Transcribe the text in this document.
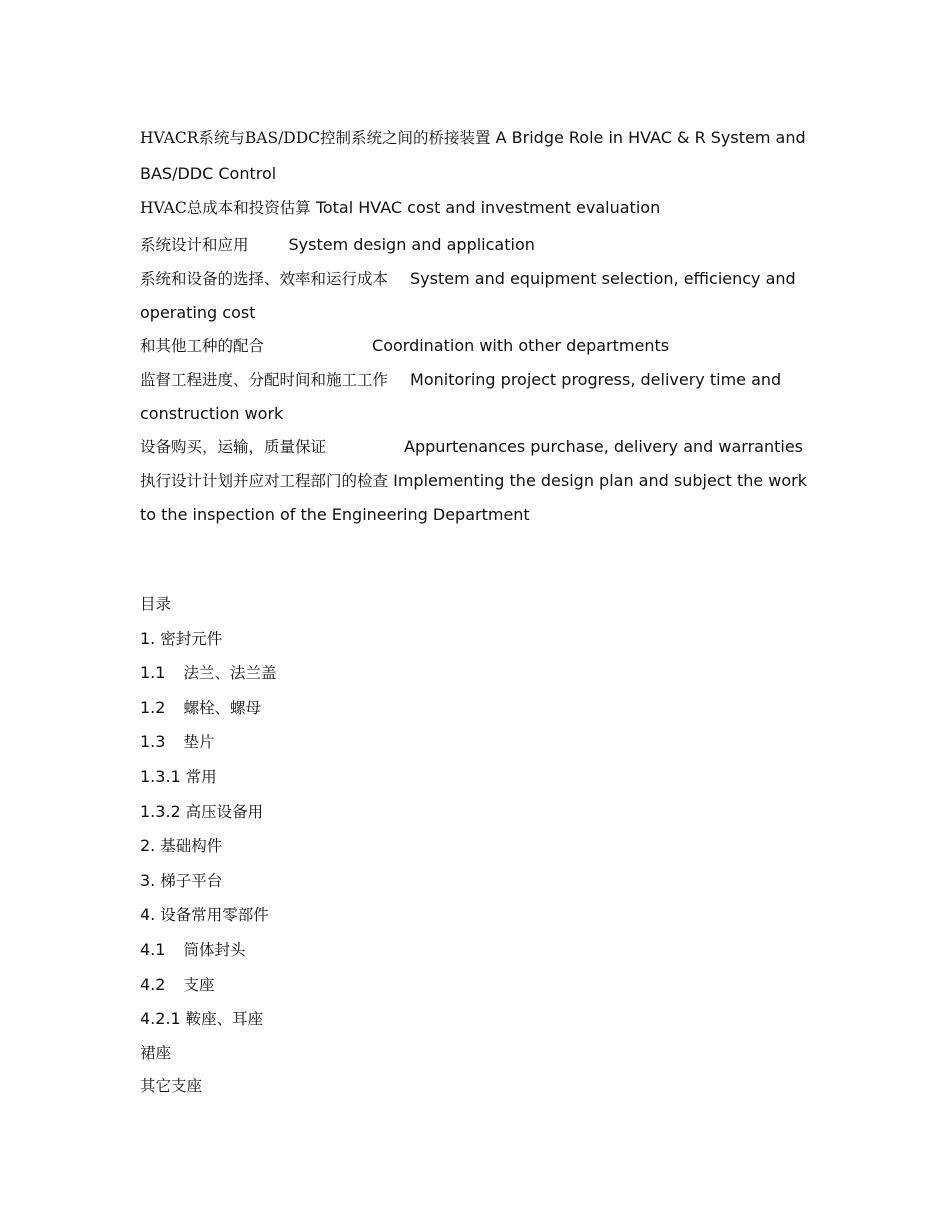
HVACR系统与BAS/DDC控制系统之间的桥接装置 A Bridge Role in HVAC & R System and BAS/DDC Control

HVAC总成本和投资估算 Total HVAC cost and investment evaluation

系统设计和应用	System design and application

系统和设备的选择、效率和运行成本 System and equipment selection, efficiency and operating cost

和其他工种的配合	Coordination with other departments

监督工程进度、分配时间和施工工作 Monitoring project progress, delivery time and construction work

设备购买，运输，质量保证	Appurtenances purchase, delivery and warranties

执行设计计划并应对工程部门的检查 Implementing the design plan and subject the work to the inspection of the Engineering Department

目录

1. 密封元件

1.1 法兰、法兰盖

1.2 螺栓、螺母

1.3 垫片

1.3.1 常用

1.3.2 高压设备用

2. 基础构件

3. 梯子平台

4. 设备常用零部件

4.1 筒体封头

4.2 支座

4.2.1 鞍座、耳座

裙座

其它支座
